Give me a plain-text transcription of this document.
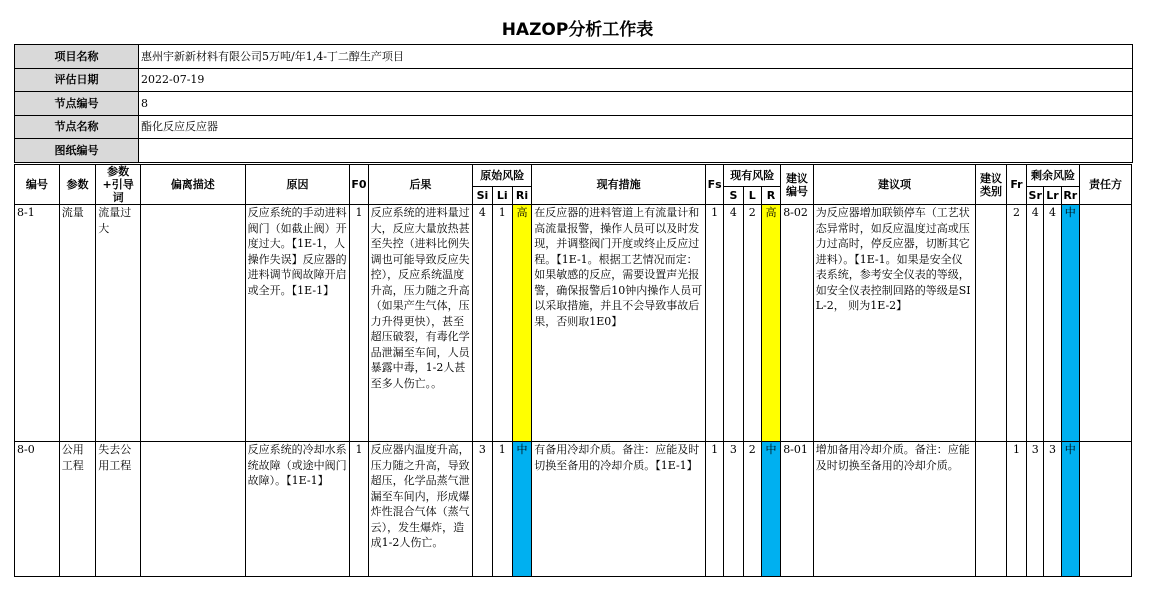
HAZOP分析工作表
项目名称	惠州宇新新材料有限公司5万吨/年1,4-丁二醇生产项目
评估日期	2022-07-19
节点编号	8
节点名称	酯化反应反应器
图纸编号	
编号	参数	参数+引导词	偏离描述	原因	F0	后果	原始风险			现有措施	Fs	现有风险			建议编号	建议项	建议类别	Fr	剩余风险			责任方
							Si	Li	Ri			S	L	R					Sr	Lr	Rr	
8-1	流量	流量过大		反应系统的手动进料阀门（如截止阀）开度过大。【1E-1，人操作失误】反应器的进料调节阀故障开启或全开。【1E-1】	1	反应系统的进料量过大，反应大量放热甚至失控（进料比例失调也可能导致反应失控），反应系统温度升高，压力随之升高（如果产生气体，压力升得更快），甚至超压破裂，有毒化学品泄漏至车间，人员暴露中毒，1-2人甚至多人伤亡。。	4	1	高	在反应器的进料管道上有流量计和高流量报警，操作人员可以及时发现，并调整阀门开度或终止反应过程。【1E-1。根据工艺情况而定：如果敏感的反应，需要设置声光报警，确保报警后10钟内操作人员可以采取措施，并且不会导致事故后果，否则取1E0】	1	4	2	高	8-02	为反应器增加联锁停车（工艺状态异常时，如反应温度过高或压力过高时，停反应器，切断其它进料）。【1E-1。如果是安全仪表系统，参考安全仪表的等级，如安全仪表控制回路的等级是SIL-2， 则为1E-2】		2	4	4	中	
8-0	公用工程	失去公用工程		反应系统的冷却水系统故障（或途中阀门故障）。【1E-1】	1	反应器内温度升高，压力随之升高，导致超压，化学品蒸气泄漏至车间内，形成爆炸性混合气体（蒸气云），发生爆炸，造成1-2人伤亡。	3	1	中	有备用冷却介质。备注：应能及时切换至备用的冷却介质。【1E-1】	1	3	2	中	8-01	增加备用冷却介质。备注：应能及时切换至备用的冷却介质。		1	3	3	中	
